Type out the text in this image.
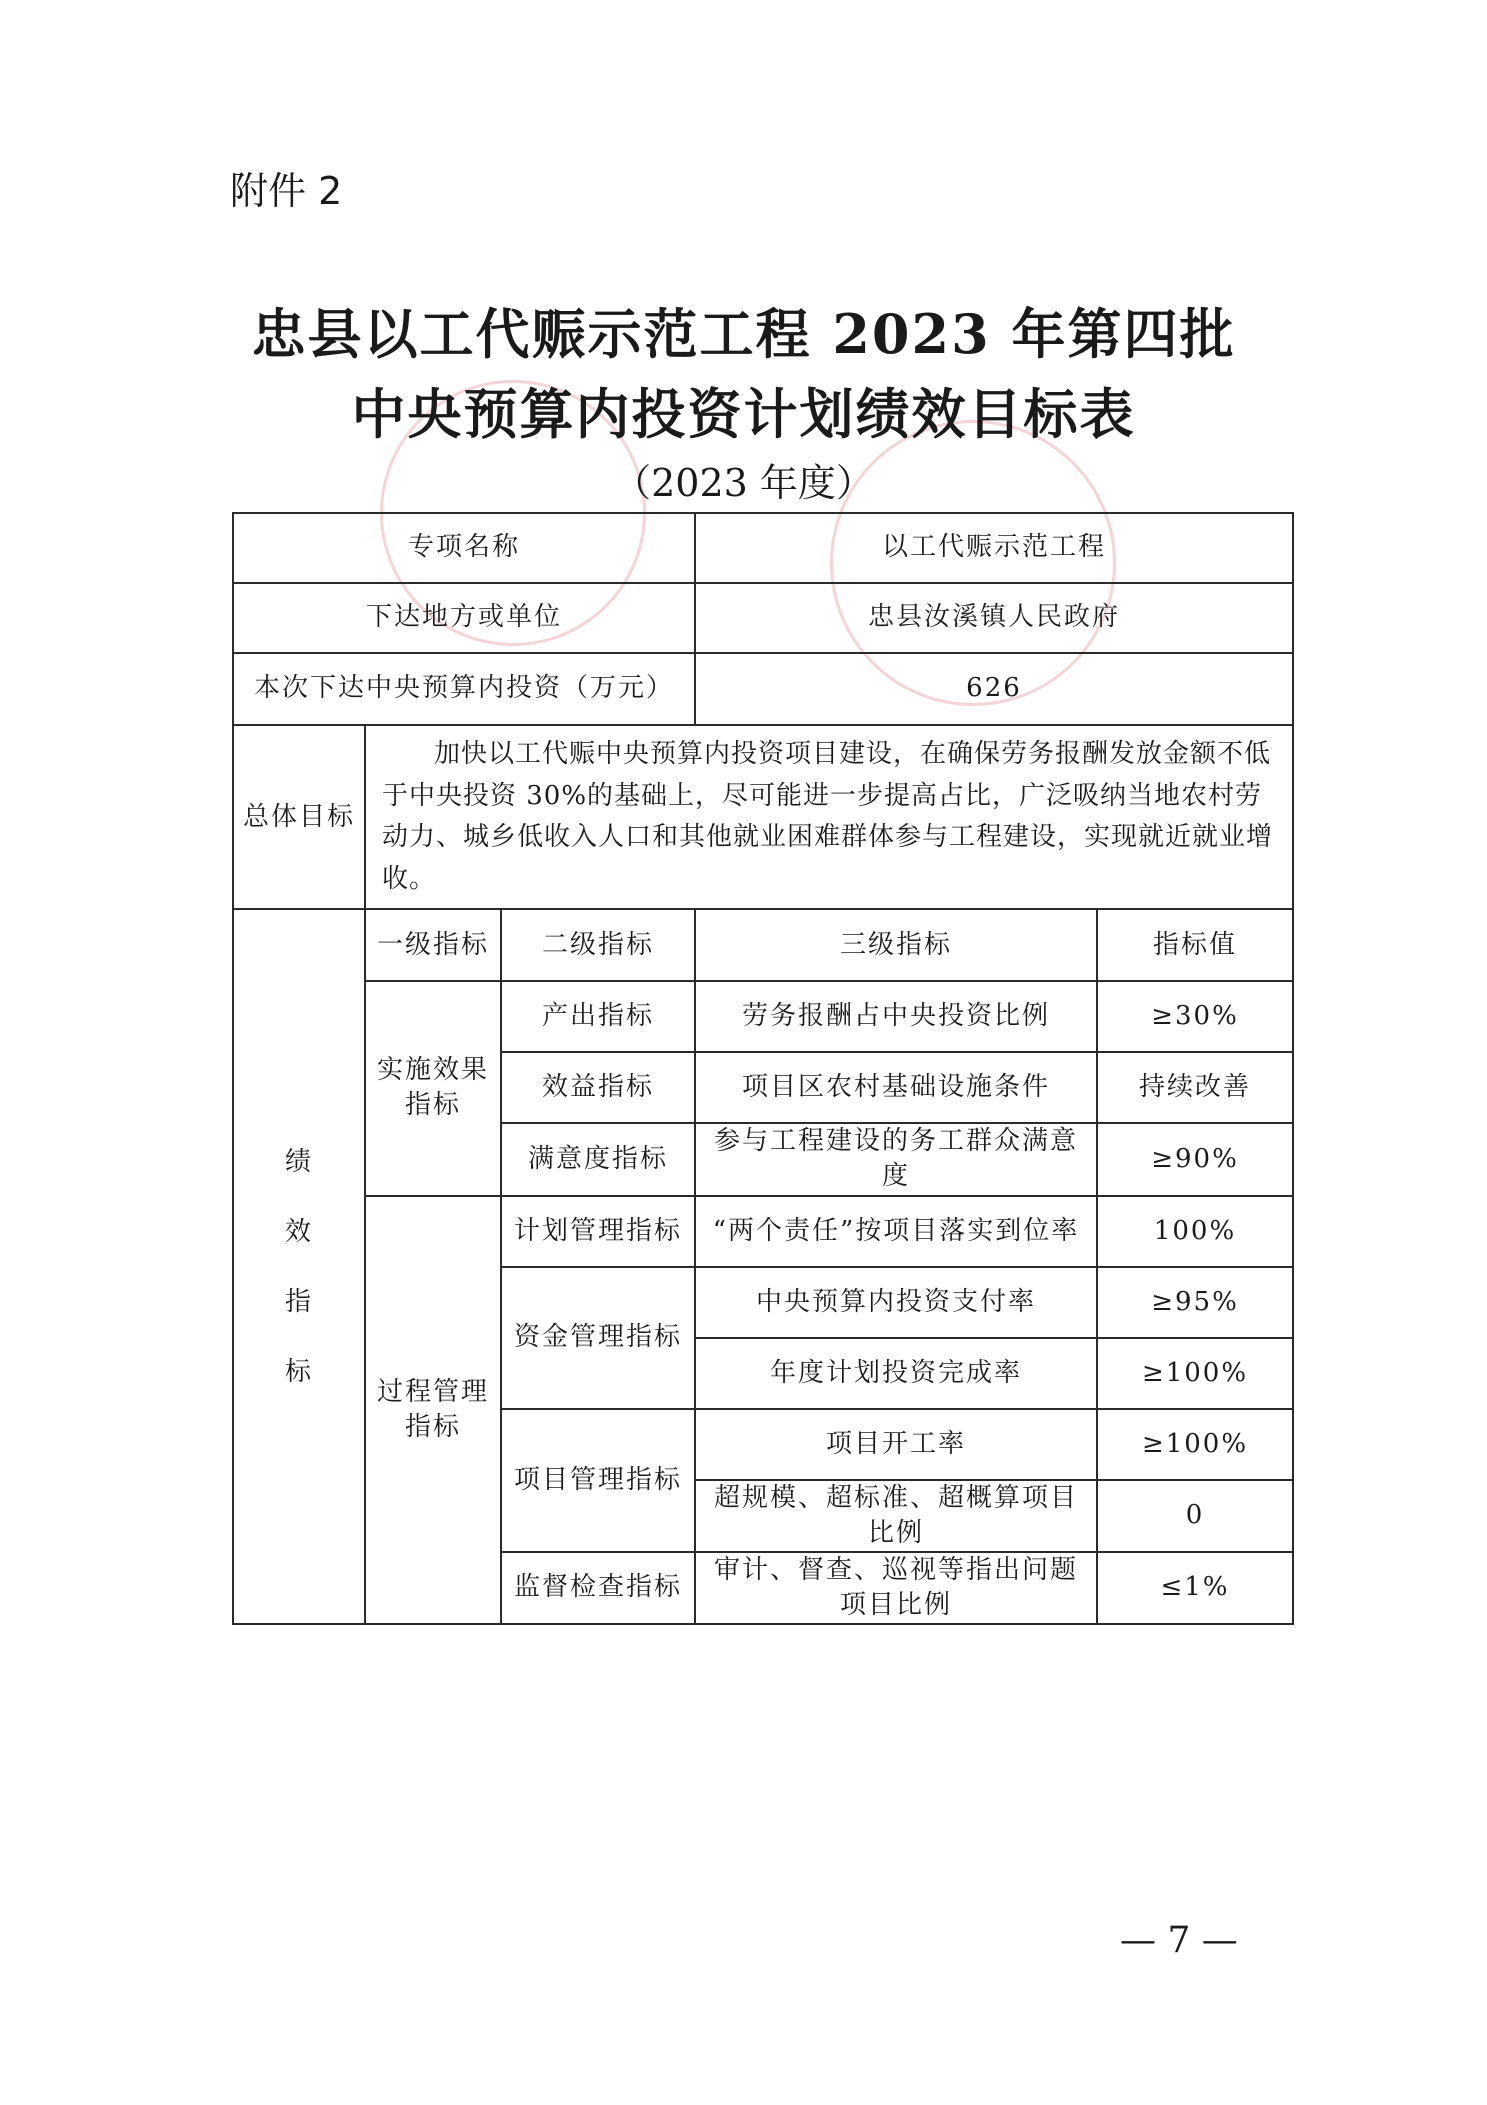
附件 2
忠县以工代赈示范工程 2023 年第四批
中央预算内投资计划绩效目标表
（2023 年度）
专项名称			以工代赈示范工程	
下达地方或单位			忠县汝溪镇人民政府	
本次下达中央预算内投资（万元）			626	
总体目标	加快以工代赈中央预算内投资项目建设，在确保劳务报酬发放金额不低于中央投资 30%的基础上，尽可能进一步提高占比，广泛吸纳当地农村劳动力、城乡低收入人口和其他就业困难群体参与工程建设，实现就近就业增收。			
绩
效
指
标	一级指标	二级指标	三级指标	指标值
	实施效果指标	产出指标	劳务报酬占中央投资比例	≥30%
		效益指标	项目区农村基础设施条件	持续改善
		满意度指标	参与工程建设的务工群众满意度	≥90%
	过程管理指标	计划管理指标	“两个责任”按项目落实到位率	100%
		资金管理指标	中央预算内投资支付率	≥95%
			年度计划投资完成率	≥100%
		项目管理指标	项目开工率	≥100%
			超规模、超标准、超概算项目比例	0
		监督检查指标	审计、督查、巡视等指出问题项目比例	≤1%
— 7 —
